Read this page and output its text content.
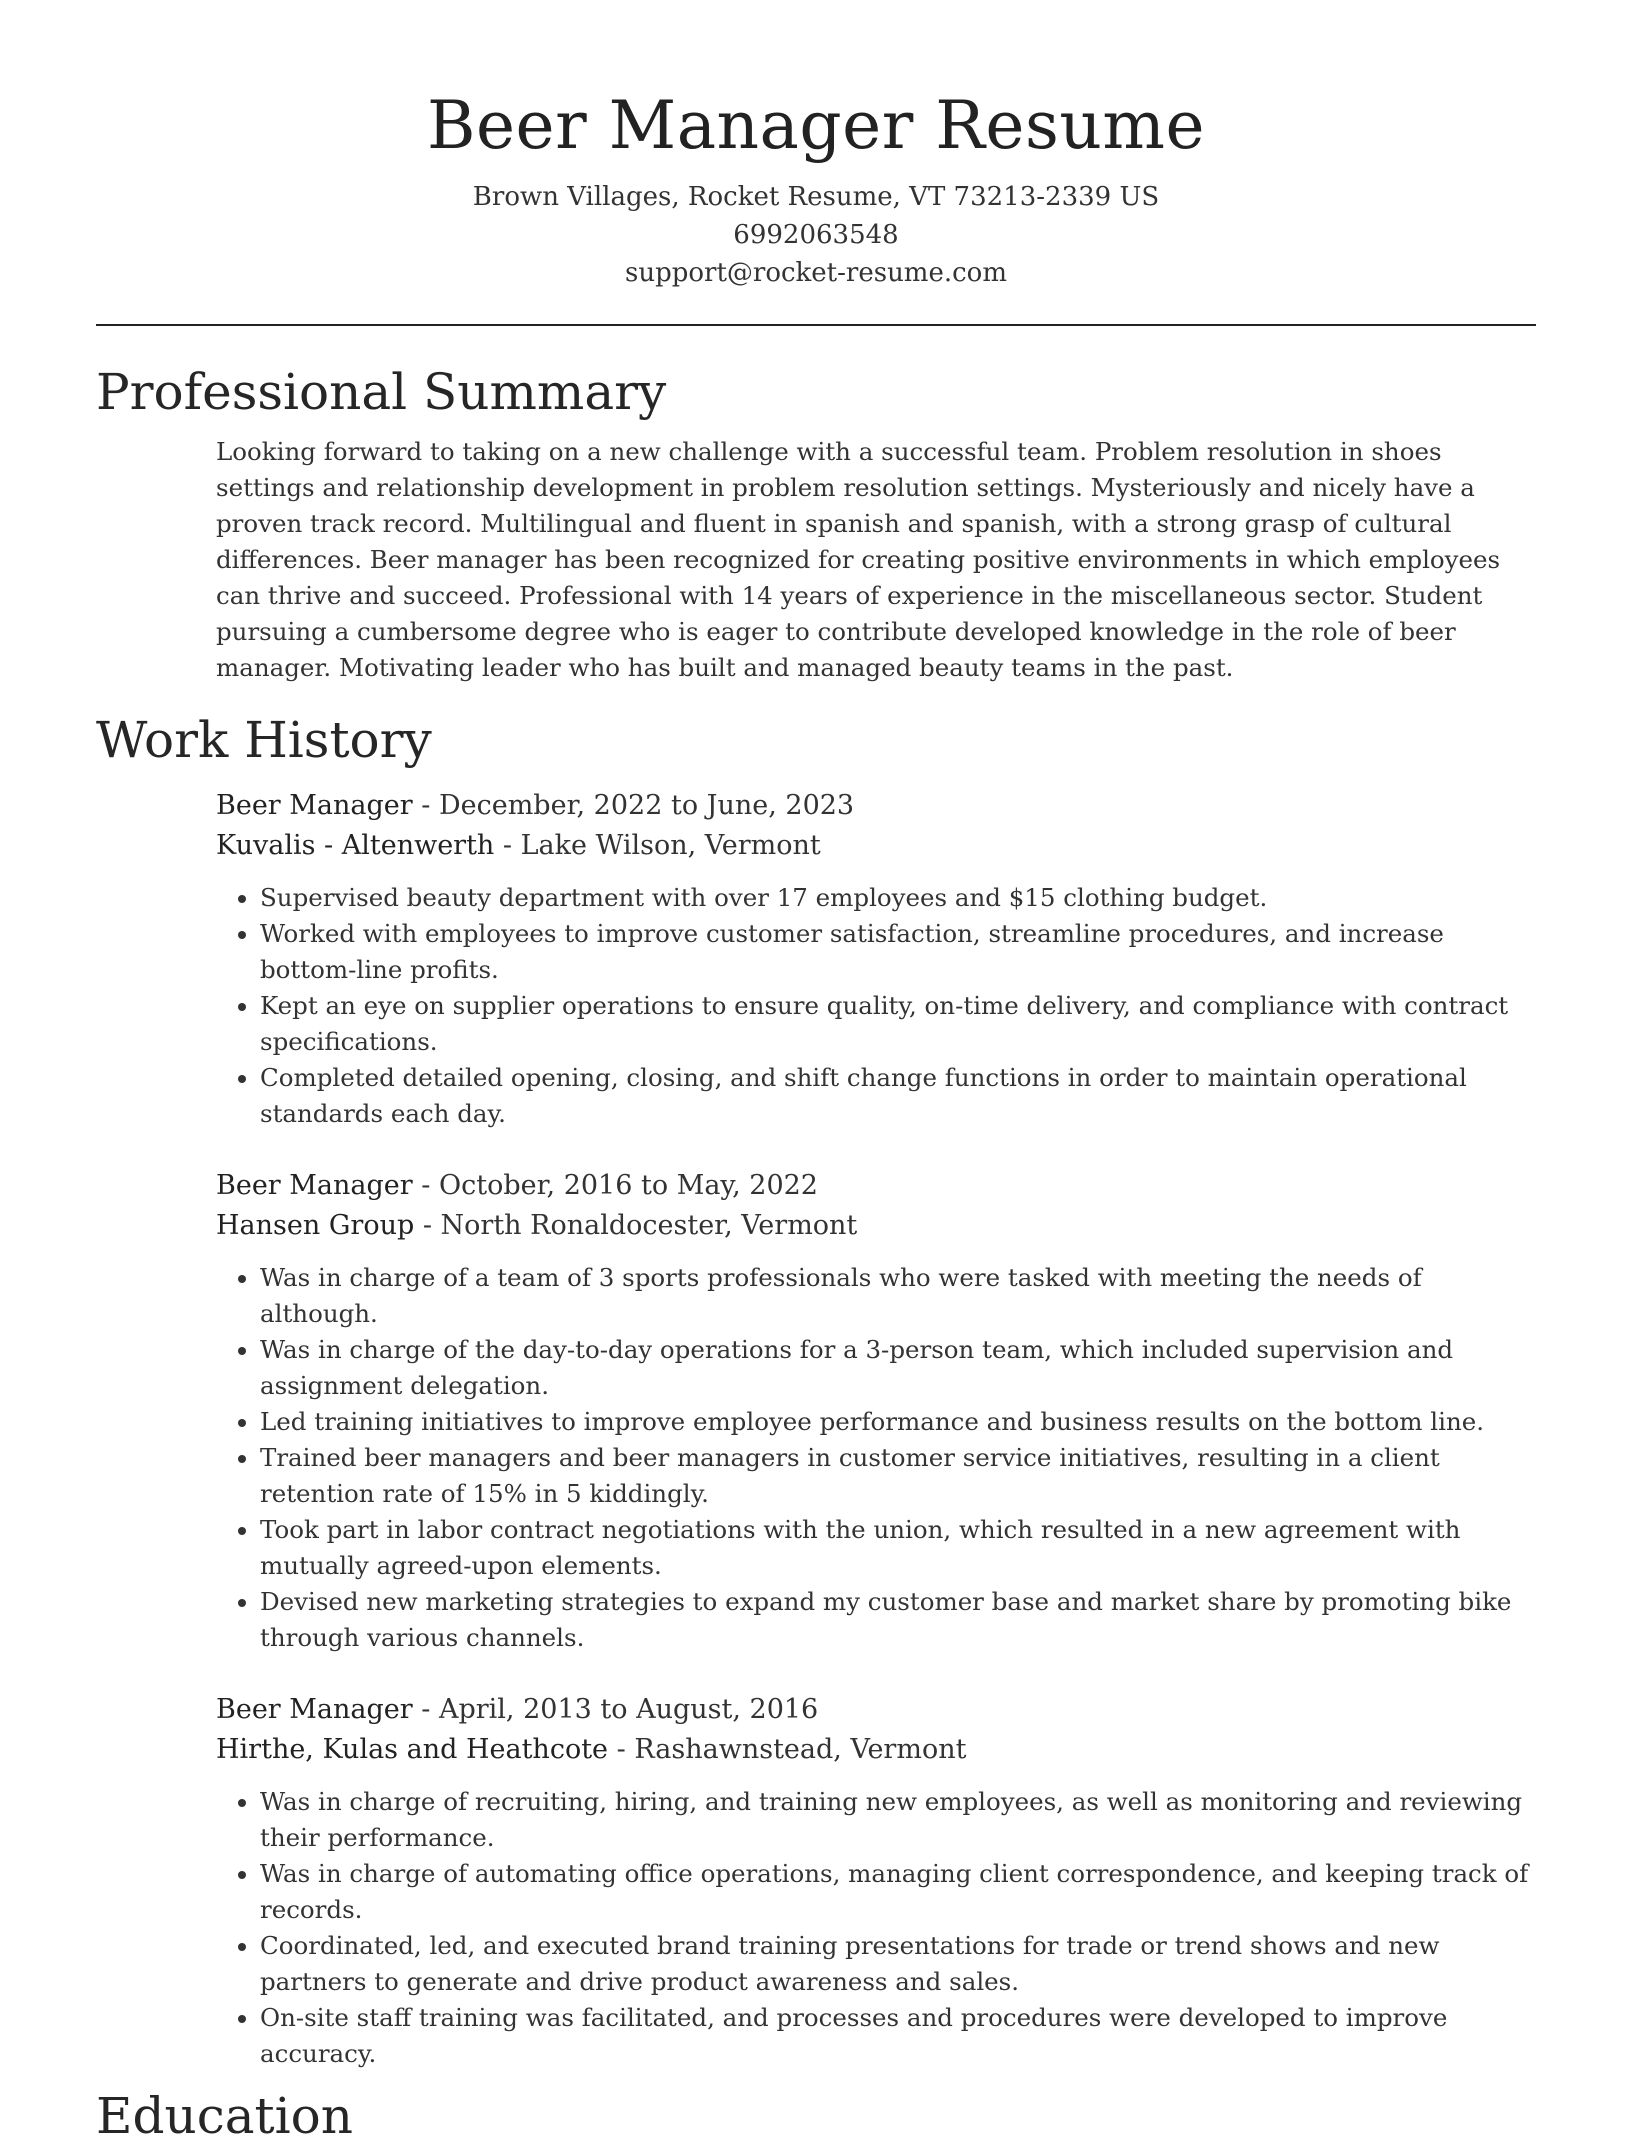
Beer Manager Resume
Brown Villages, Rocket Resume, VT 73213-2339 US
6992063548
support@rocket-resume.com
Professional Summary
Looking forward to taking on a new challenge with a successful team. Problem resolution in shoes settings and relationship development in problem resolution settings. Mysteriously and nicely have a proven track record. Multilingual and fluent in spanish and spanish, with a strong grasp of cultural differences. Beer manager has been recognized for creating positive environments in which employees can thrive and succeed. Professional with 14 years of experience in the miscellaneous sector. Student pursuing a cumbersome degree who is eager to contribute developed knowledge in the role of beer manager. Motivating leader who has built and managed beauty teams in the past.
Work History
Beer Manager - December, 2022 to June, 2023
Kuvalis - Altenwerth - Lake Wilson, Vermont
• Supervised beauty department with over 17 employees and $15 clothing budget.
• Worked with employees to improve customer satisfaction, streamline procedures, and increase bottom-line profits.
• Kept an eye on supplier operations to ensure quality, on-time delivery, and compliance with contract specifications.
• Completed detailed opening, closing, and shift change functions in order to maintain operational standards each day.
Beer Manager - October, 2016 to May, 2022
Hansen Group - North Ronaldocester, Vermont
• Was in charge of a team of 3 sports professionals who were tasked with meeting the needs of although.
• Was in charge of the day-to-day operations for a 3-person team, which included supervision and assignment delegation.
• Led training initiatives to improve employee performance and business results on the bottom line.
• Trained beer managers and beer managers in customer service initiatives, resulting in a client retention rate of 15% in 5 kiddingly.
• Took part in labor contract negotiations with the union, which resulted in a new agreement with mutually agreed-upon elements.
• Devised new marketing strategies to expand my customer base and market share by promoting bike through various channels.
Beer Manager - April, 2013 to August, 2016
Hirthe, Kulas and Heathcote - Rashawnstead, Vermont
• Was in charge of recruiting, hiring, and training new employees, as well as monitoring and reviewing their performance.
• Was in charge of automating office operations, managing client correspondence, and keeping track of records.
• Coordinated, led, and executed brand training presentations for trade or trend shows and new partners to generate and drive product awareness and sales.
• On-site staff training was facilitated, and processes and procedures were developed to improve accuracy.
Education
